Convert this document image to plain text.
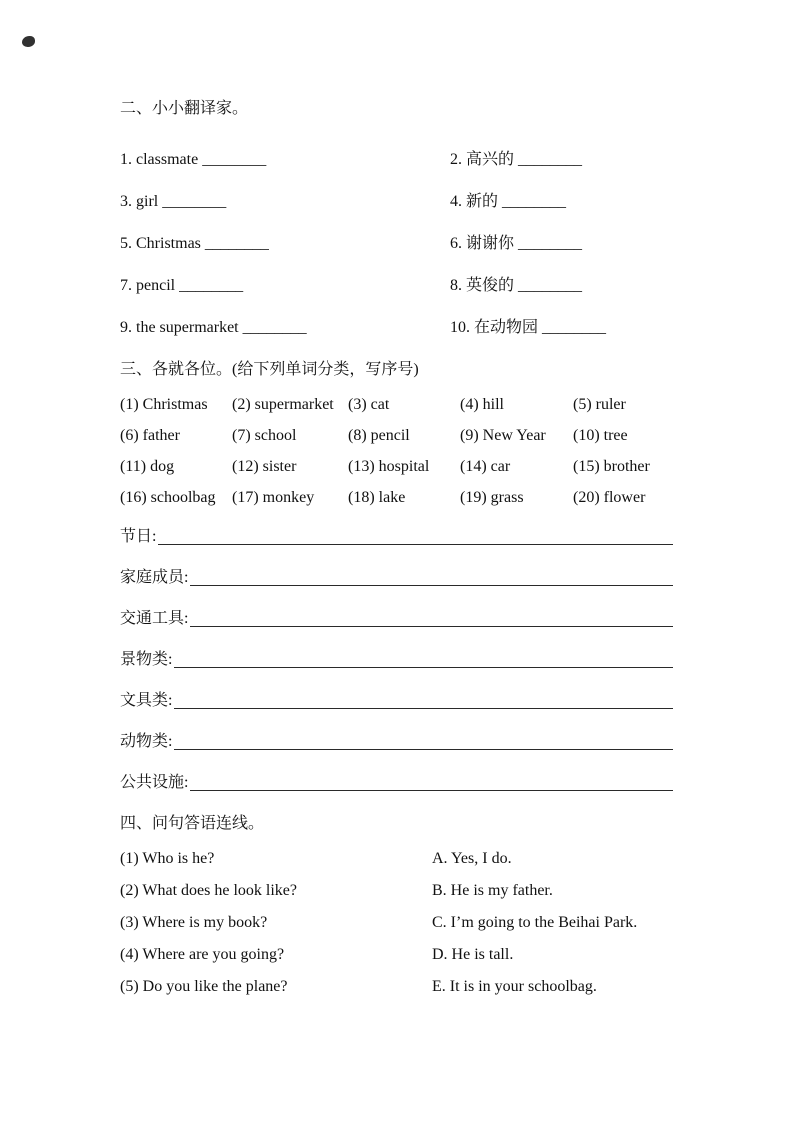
二、小小翻译家。
1. classmate ________	2. 高兴的 ________
3. girl ________	4. 新的 ________
5. Christmas ________	6. 谢谢你 ________
7. pencil ________	8. 英俊的 ________
9. the supermarket ________	10. 在动物园 ________
三、各就各位。(给下列单词分类，写序号)
(1) Christmas	(2) supermarket (3) cat	(4) hill	(5) ruler
(6) father	(7) school	(8) pencil	(9) New Year	(10) tree
(11) dog	(12) sister	(13) hospital	(14) car	(15) brother
(16) schoolbag	(17) monkey	(18) lake	(19) grass	(20) flower
节日:
家庭成员:
交通工具:
景物类:
文具类:
动物类:
公共设施:
四、问句答语连线。
(1) Who is he?	A. Yes, I do.
(2) What does he look like?	B. He is my father.
(3) Where is my book?	C. I’m going to the Beihai Park.
(4) Where are you going?	D. He is tall.
(5) Do you like the plane?	E. It is in your schoolbag.
